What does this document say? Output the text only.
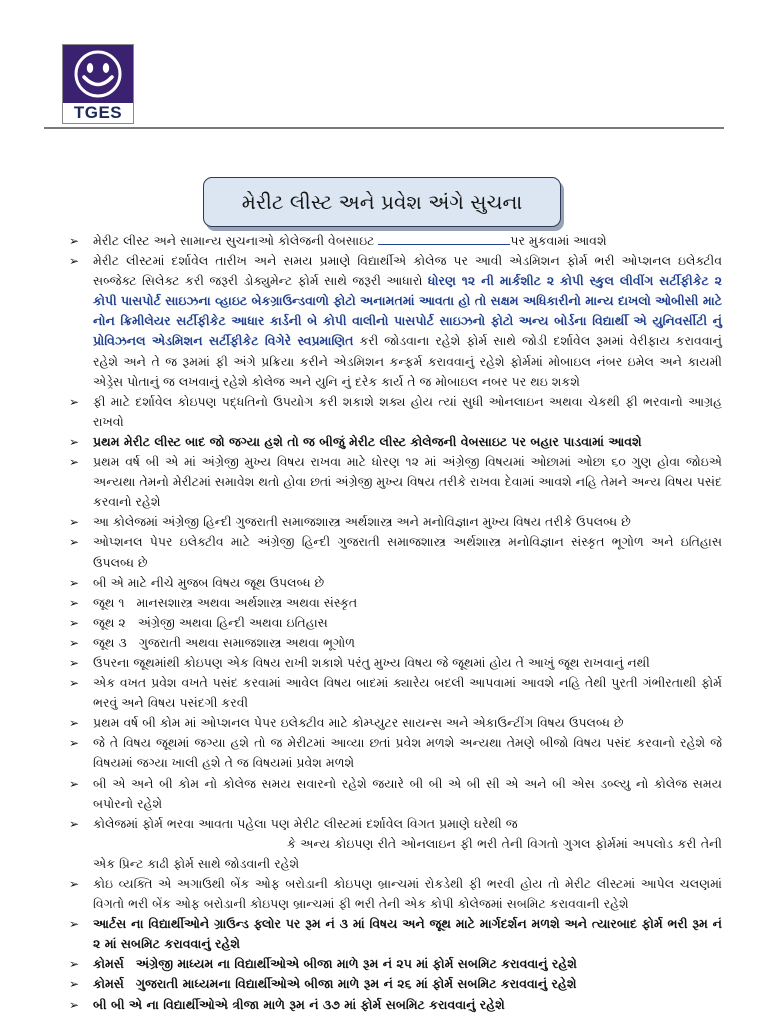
TGES
મેરીટ લીસ્ટ અને પ્રવેશ અંગે સુચના
➢ મેરીટ લીસ્ટ અને સામાન્ય સુચનાઓ કોલેજની વેબસાઇટ	પર મુકવામાં આવશે
➢ મેરીટ લીસ્ટમાં દર્શાવેલ તારીખ અને સમય પ્રમાણે વિદ્યાર્થીએ કોલેજ પર આવી એડમિશન ફોર્મ ભરી ઓપ્શનલ ઇલેક્ટીવ સબ્જેક્ટ સિલેક્ટ કરી જરૂરી ડોક્યુમેન્ટ ફોર્મ સાથે જરૂરી આધારો ધોરણ ૧૨ ની માર્કશીટ ૨ કોપી સ્કુલ લીવીંગ સર્ટીફીકેટ ૨ કોપી પાસપોર્ટ સાઇઝના વ્હાઇટ બેકગ્રાઉન્ડવાળો ફોટો અનામતમાં આવતા હો તો સક્ષમ અધિકારીનો માન્ય દાખલો ઓબીસી માટે નોન ક્રિમીલેયર સર્ટીફીકેટ આધાર કાર્ડની બે કોપી વાલીનો પાસપોર્ટ સાઇઝનો ફોટો અન્ય બોર્ડના વિદ્યાર્થી એ યુનિવર્સીટી નું પ્રોવિઝનલ એડમિશન સર્ટીફીકેટ વિગેરે સ્વપ્રમાણિત કરી જોડવાના રહેશે ફોર્મ સાથે જોડી દર્શાવેલ રૂમમાં વેરીફાય કરાવવાનું રહેશે અને તે જ રૂમમાં ફી અંગે પ્રક્રિયા કરીને એડમિશન કન્ફર્મ કરાવવાનું રહેશે ફોર્મમાં મોબાઇલ નંબર ઇમેલ અને કાયમી એડ્રેસ પોતાનું જ લખવાનું રહેશે કોલેજ અને યુનિ નું દરેક કાર્ય તે જ મોબાઇલ નબર પર થઇ શકશે
➢ ફી માટે દર્શાવેલ કોઇપણ પદ્ધતિનો ઉપયોગ કરી શકાશે શક્ય હોય ત્યાં સુધી ઓનલાઇન અથવા ચેકથી ફી ભરવાનો આગ્રહ રાખવો
➢ પ્રથમ મેરીટ લીસ્ટ બાદ જો જગ્યા હશે તો જ બીજું મેરીટ લીસ્ટ કોલેજની વેબસાઇટ પર બહાર પાડવામાં આવશે
➢ પ્રથમ વર્ષ બી એ માં અંગ્રેજી મુખ્ય વિષય રાખવા માટે ધોરણ ૧૨ માં અંગ્રેજી વિષયમાં ઓછામાં ઓછા ૬૦ ગુણ હોવા જોઇએ અન્યથા તેમનો મેરીટમાં સમાવેશ થતો હોવા છતાં અંગ્રેજી મુખ્ય વિષય તરીકે રાખવા દેવામાં આવશે નહિ તેમને અન્ય વિષય પસંદ કરવાનો રહેશે
➢ આ કોલેજમાં અંગ્રેજી હિન્દી ગુજરાતી સમાજશાસ્ત્ર અર્થશાસ્ત્ર અને મનોવિજ્ઞાન મુખ્ય વિષય તરીકે ઉપલબ્ધ છે
➢ ઓપ્શનલ પેપર ઇલેક્ટીવ માટે અંગ્રેજી હિન્દી ગુજરાતી સમાજશાસ્ત્ર અર્થશાસ્ત્ર મનોવિજ્ઞાન સંસ્કૃત ભૂગોળ અને ઇતિહાસ ઉપલબ્ધ છે
➢ બી એ માટે નીચે મુજબ વિષય જૂથ ઉપલબ્ધ છે
➢ જૂથ ૧ માનસશાસ્ત્ર અથવા અર્થશાસ્ત્ર અથવા સંસ્કૃત
➢ જૂથ ૨ અંગ્રેજી અથવા હિન્દી અથવા ઇતિહાસ
➢ જૂથ ૩ ગુજરાતી અથવા સમાજશાસ્ત્ર અથવા ભૂગોળ
➢ ઉપરના જૂથમાંથી કોઇપણ એક વિષય રાખી શકાશે પરંતુ મુખ્ય વિષય જે જૂથમાં હોય તે આખું જૂથ રાખવાનું નથી
➢ એક વખત પ્રવેશ વખતે પસંદ કરવામાં આવેલ વિષય બાદમાં ક્યારેય બદલી આપવામાં આવશે નહિ તેથી પુરતી ગંભીરતાથી ફોર્મ ભરવું અને વિષય પસંદગી કરવી
➢ પ્રથમ વર્ષ બી કોમ માં ઓપ્શનલ પેપર ઇલેક્ટીવ માટે કોમ્પ્યુટર સાયન્સ અને એકાઉન્ટીંગ વિષય ઉપલબ્ધ છે
➢ જે તે વિષય જૂથમાં જગ્યા હશે તો જ મેરીટમાં આવ્યા છતાં પ્રવેશ મળશે અન્યથા તેમણે બીજો વિષય પસંદ કરવાનો રહેશે જે વિષયમાં જગ્યા ખાલી હશે તે જ વિષયમાં પ્રવેશ મળશે
➢ બી એ અને બી કોમ નો કોલેજ સમય સવારનો રહેશે જયારે બી બી એ બી સી એ અને બી એસ ડબ્લ્યુ નો કોલેજ સમય બપોરનો રહેશે
➢ કોલેજમાં ફોર્મ ભરવા આવતા પહેલા પણ મેરીટ લીસ્ટમાં દર્શાવેલ વિગત પ્રમાણે ઘરેથી જ
કે અન્ય કોઇપણ રીતે ઓનલાઇન ફી ભરી તેની વિગતો ગુગલ ફોર્મમાં અપલોડ કરી તેની એક પ્રિન્ટ કાઢી ફોર્મ સાથે જોડવાની રહેશે
➢ કોઇ વ્યક્તિ એ અગાઉથી બેંક ઓફ બરોડાની કોઇપણ બ્રાન્ચમાં રોકડેથી ફી ભરવી હોય તો મેરીટ લીસ્ટમાં આપેલ ચલણમાં વિગતો ભરી બેંક ઓફ બરોડાની કોઇપણ બ્રાન્ચમાં ફી ભરી તેની એક કોપી કોલેજમાં સબમિટ કરાવવાની રહેશે
➢ આર્ટસ ના વિદ્યાર્થીઓને ગ્રાઉન્ડ ફ્લોર પર રૂમ નં ૩ માં વિષય અને જૂથ માટે માર્ગદર્શન મળશે અને ત્યારબાદ ફોર્મ ભરી રૂમ નં ૨ માં સબમિટ કરાવવાનું રહેશે
➢ કોમર્સ અંગ્રેજી માધ્યમ ના વિદ્યાર્થીઓએ બીજા માળે રૂમ નં ૨૫ માં ફોર્મ સબમિટ કરાવવાનું રહેશે
➢ કોમર્સ ગુજરાતી માધ્યમના વિદ્યાર્થીઓએ બીજા માળે રૂમ નં ૨૬ માં ફોર્મ સબમિટ કરાવવાનું રહેશે
➢ બી બી એ ના વિદ્યાર્થીઓએ ત્રીજા માળે રૂમ નં ૩૭ માં ફોર્મ સબમિટ કરાવવાનું રહેશે
